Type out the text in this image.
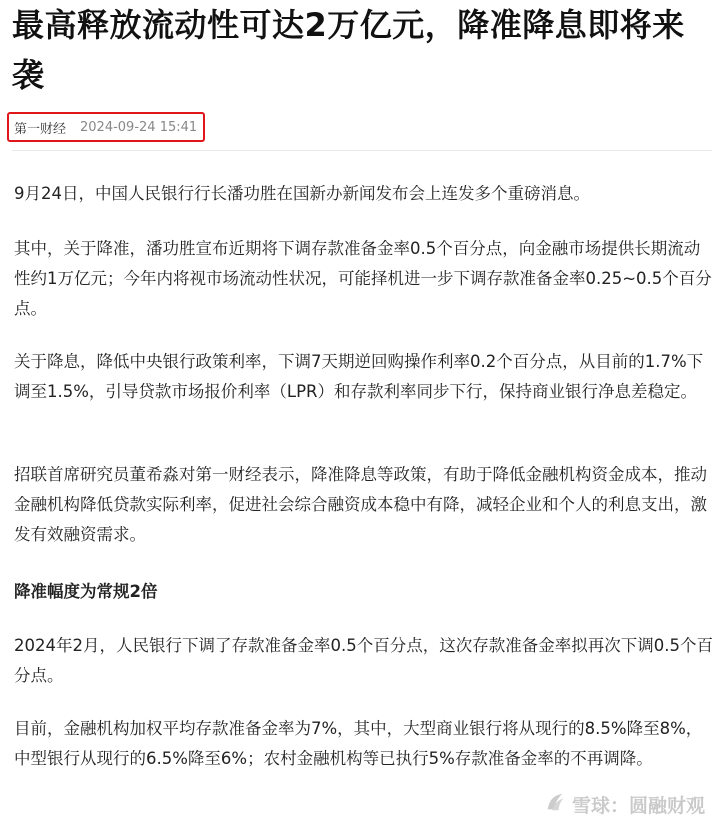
最高释放流动性可达2万亿元，降准降息即将来袭
第一财经 2024-09-24 15:41

9月24日，中国人民银行行长潘功胜在国新办新闻发布会上连发多个重磅消息。

其中，关于降准，潘功胜宣布近期将下调存款准备金率0.5个百分点，向金融市场提供长期流动性约1万亿元；今年内将视市场流动性状况，可能择机进一步下调存款准备金率0.25~0.5个百分点。

关于降息，降低中央银行政策利率，下调7天期逆回购操作利率0.2个百分点，从目前的1.7%下调至1.5%，引导贷款市场报价利率（LPR）和存款利率同步下行，保持商业银行净息差稳定。

招联首席研究员董希淼对第一财经表示，降准降息等政策，有助于降低金融机构资金成本，推动金融机构降低贷款实际利率，促进社会综合融资成本稳中有降，减轻企业和个人的利息支出，激发有效融资需求。

降准幅度为常规2倍

2024年2月，人民银行下调了存款准备金率0.5个百分点，这次存款准备金率拟再次下调0.5个百分点。

目前，金融机构加权平均存款准备金率为7%，其中，大型商业银行将从现行的8.5%降至8%，中型银行从现行的6.5%降至6%；农村金融机构等已执行5%存款准备金率的不再调降。

雪球：圆融财观
